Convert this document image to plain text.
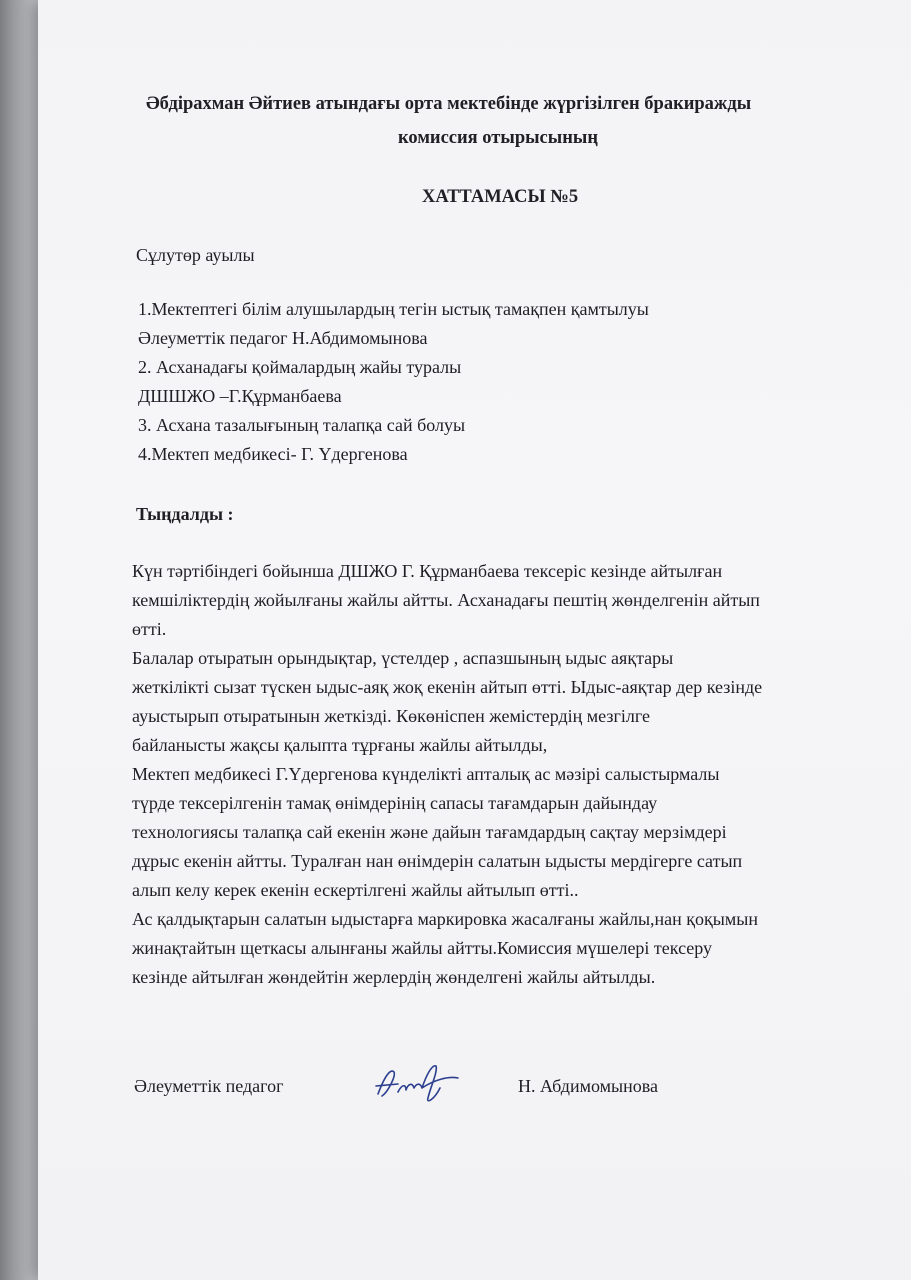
Әбдірахман Әйтиев атындағы орта мектебінде жүргізілген бракиражды

комиссия отырысының

ХАТТАМАСЫ №5

Сұлутөр ауылы

1.Мектептегі білім алушылардың тегін ыстық тамақпен қамтылуы

Әлеуметтік педагог Н.Абдимомынова

2. Асханадағы қоймалардың жайы туралы

ДШШЖО –Г.Құрманбаева

3. Асхана тазалығының талапқа сай болуы

4.Мектеп медбикесі- Г. Үдергенова

Тыңдалды :

Күн тәртібіндегі бойынша ДШЖО Г. Құрманбаева тексеріс кезінде айтылған

кемшіліктердің жойылғаны жайлы айтты. Асханадағы пештің жөнделгенін айтып

өтті.

Балалар отыратын орындықтар, үстелдер , аспазшының ыдыс аяқтары

жеткілікті сызат түскен ыдыс-аяқ жоқ екенін айтып өтті. Ыдыс-аяқтар дер кезінде

ауыстырып отыратынын жеткізді. Көкөніспен жемістердің мезгілге

байланысты жақсы қалыпта тұрғаны жайлы айтылды,

Мектеп медбикесі Г.Үдергенова күнделікті апталық ас мәзірі салыстырмалы

түрде тексерілгенін тамақ өнімдерінің сапасы тағамдарын дайындау

технологиясы талапқа сай екенін және дайын тағамдардың сақтау мерзімдері

дұрыс екенін айтты. Туралған нан өнімдерін салатын ыдысты мердігерге сатып

алып келу керек екенін ескертілгені жайлы айтылып өтті..

Ас қалдықтарын салатын ыдыстарға маркировка жасалғаны жайлы,нан қоқымын

жинақтайтын щеткасы алынғаны жайлы айтты.Комиссия мүшелері тексеру

кезінде айтылған жөндейтін жерлердің жөнделгені жайлы айтылды.

Әлеуметтік педагог	Н. Абдимомынова
